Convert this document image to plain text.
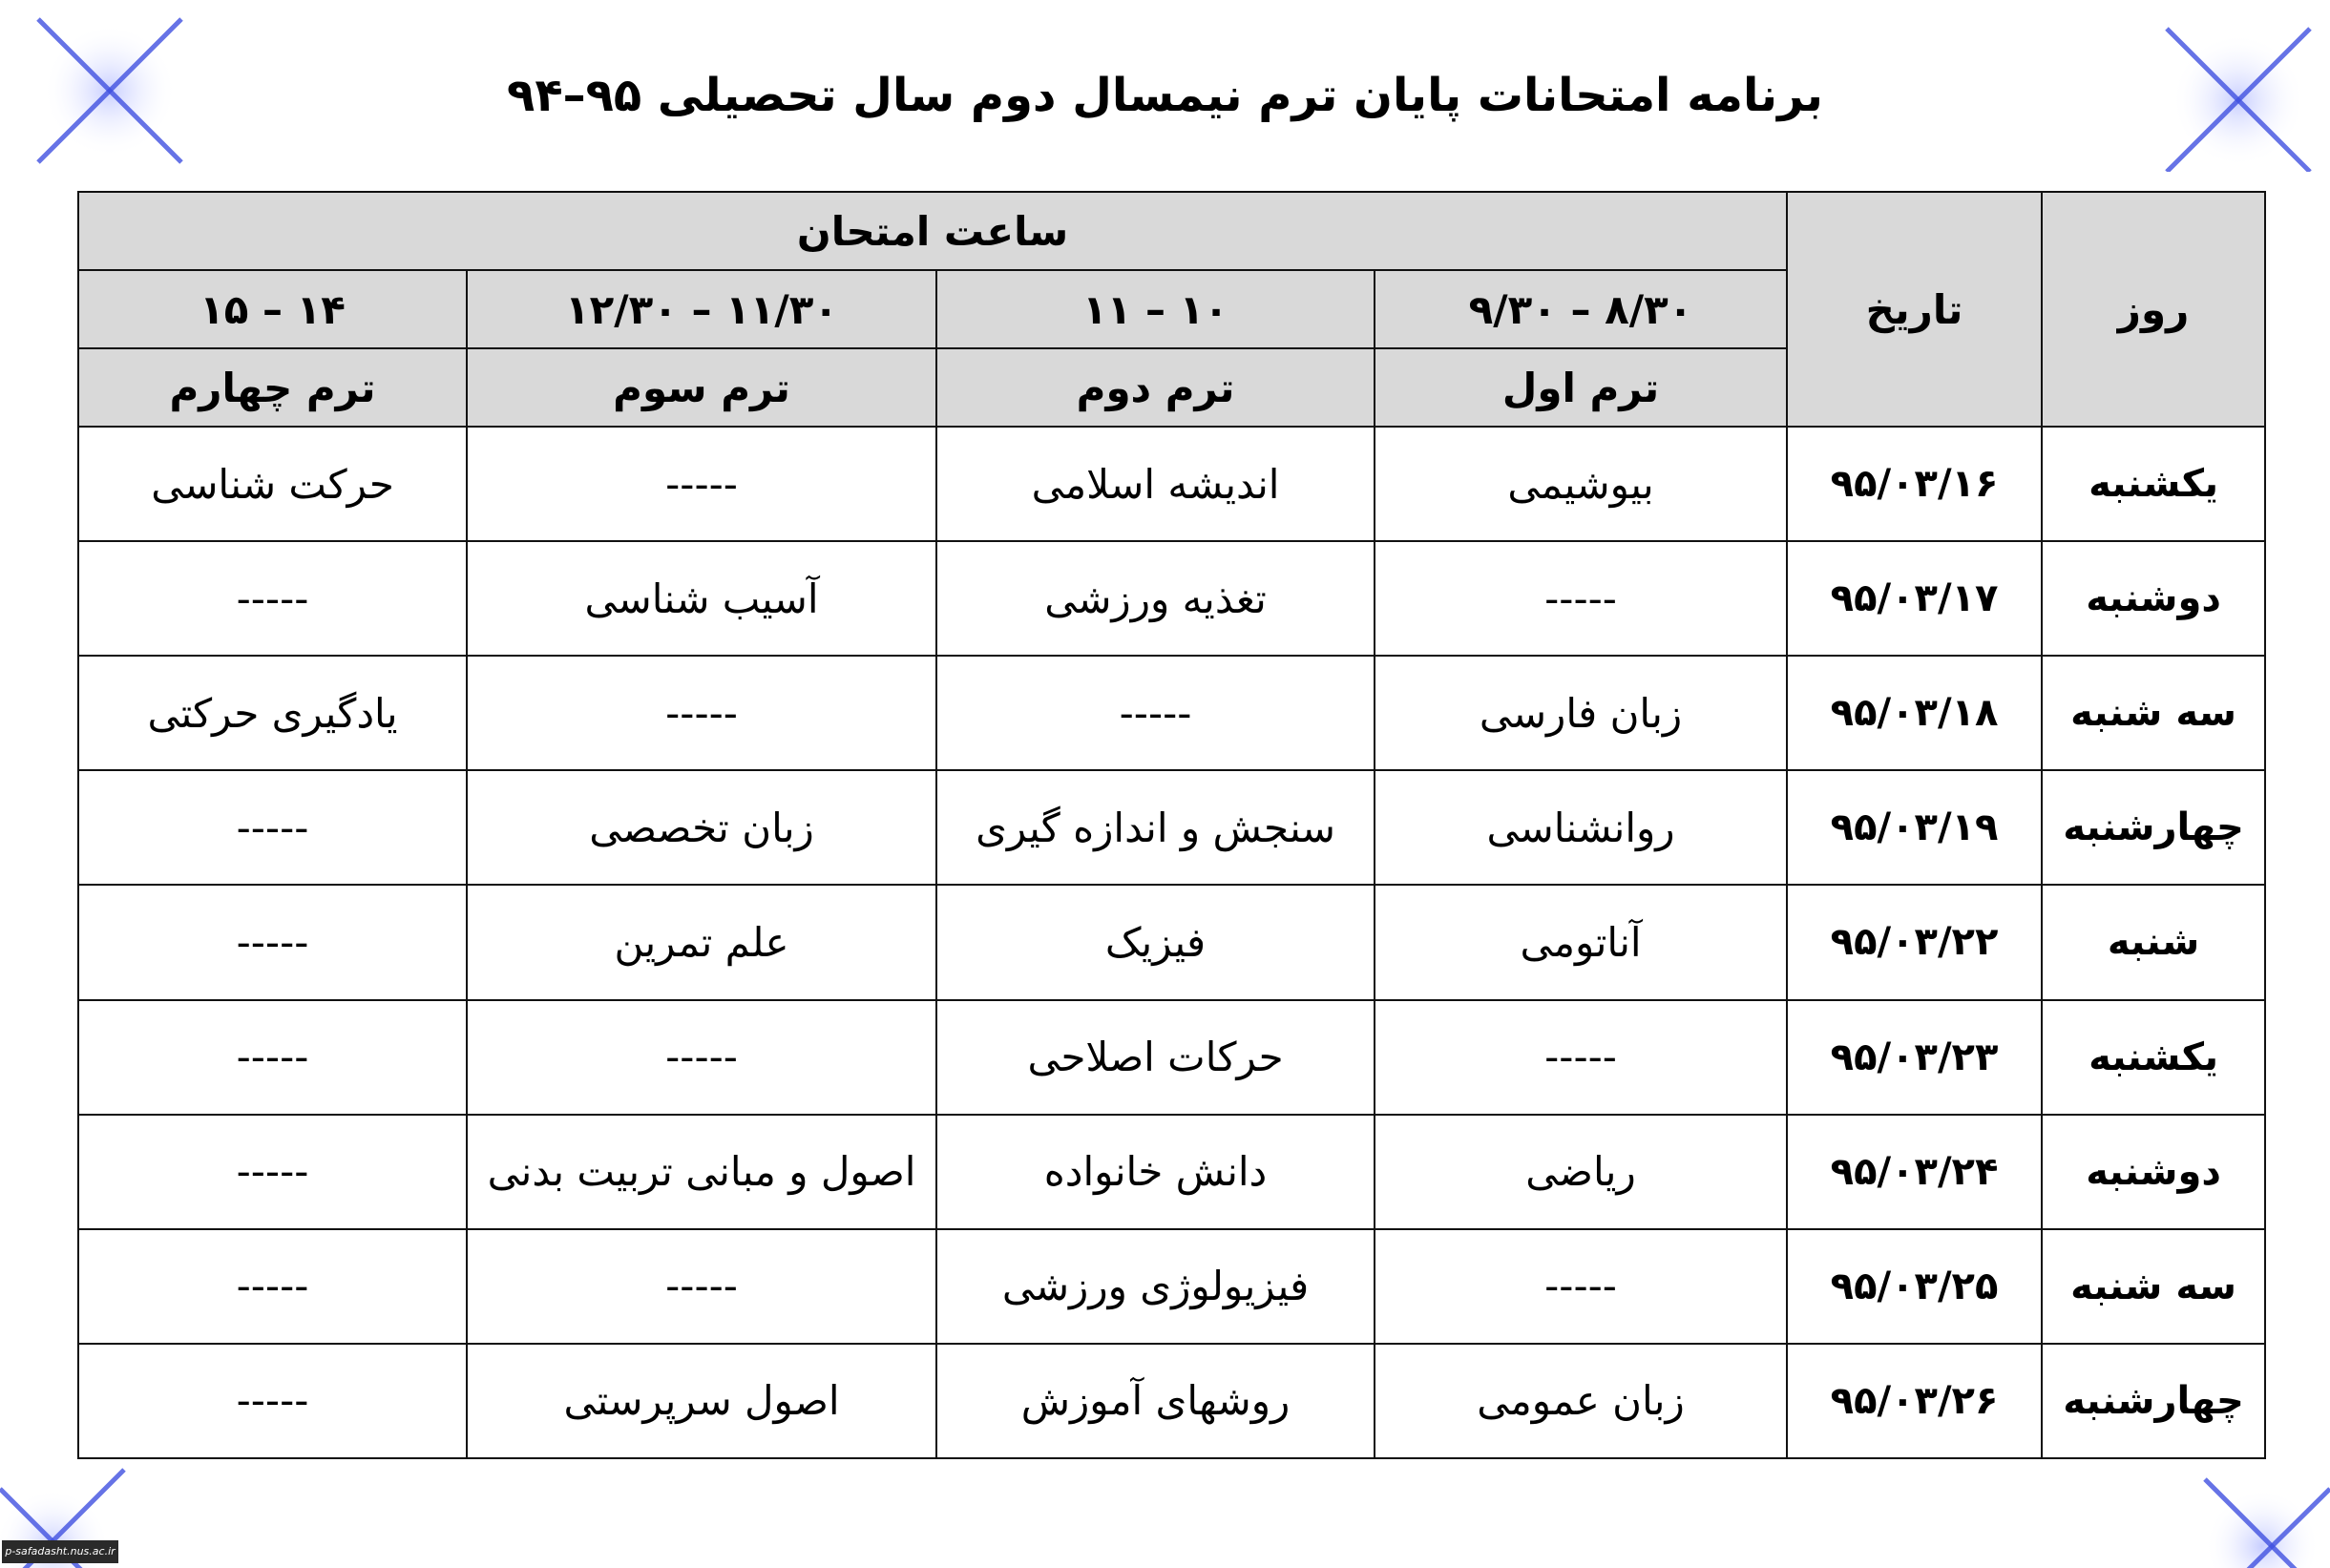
برنامه امتحانات پایان ترم نیمسال دوم سال تحصیلی ۹۵–۹۴
روز	تاریخ	ساعت امتحان			
		۸/۳۰ – ۹/۳۰	۱۰ – ۱۱	۱۱/۳۰ – ۱۲/۳۰	۱۴ – ۱۵
		ترم اول	ترم دوم	ترم سوم	ترم چهارم
یکشنبه	۹۵/۰۳/۱۶	بیوشیمی	اندیشه اسلامی	-----	حرکت شناسی
دوشنبه	۹۵/۰۳/۱۷	-----	تغذیه ورزشی	آسیب شناسی	-----
سه شنبه	۹۵/۰۳/۱۸	زبان فارسی	-----	-----	یادگیری حرکتی
چهارشنبه	۹۵/۰۳/۱۹	روانشناسی	سنجش و اندازه گیری	زبان تخصصی	-----
شنبه	۹۵/۰۳/۲۲	آناتومی	فیزیک	علم تمرین	-----
یکشنبه	۹۵/۰۳/۲۳	-----	حرکات اصلاحی	-----	-----
دوشنبه	۹۵/۰۳/۲۴	ریاضی	دانش خانواده	اصول و مبانی تربیت بدنی	-----
سه شنبه	۹۵/۰۳/۲۵	-----	فیزیولوژی ورزشی	-----	-----
چهارشنبه	۹۵/۰۳/۲۶	زبان عمومی	روشهای آموزش	اصول سرپرستی	-----
p-safadasht.nus.ac.ir
